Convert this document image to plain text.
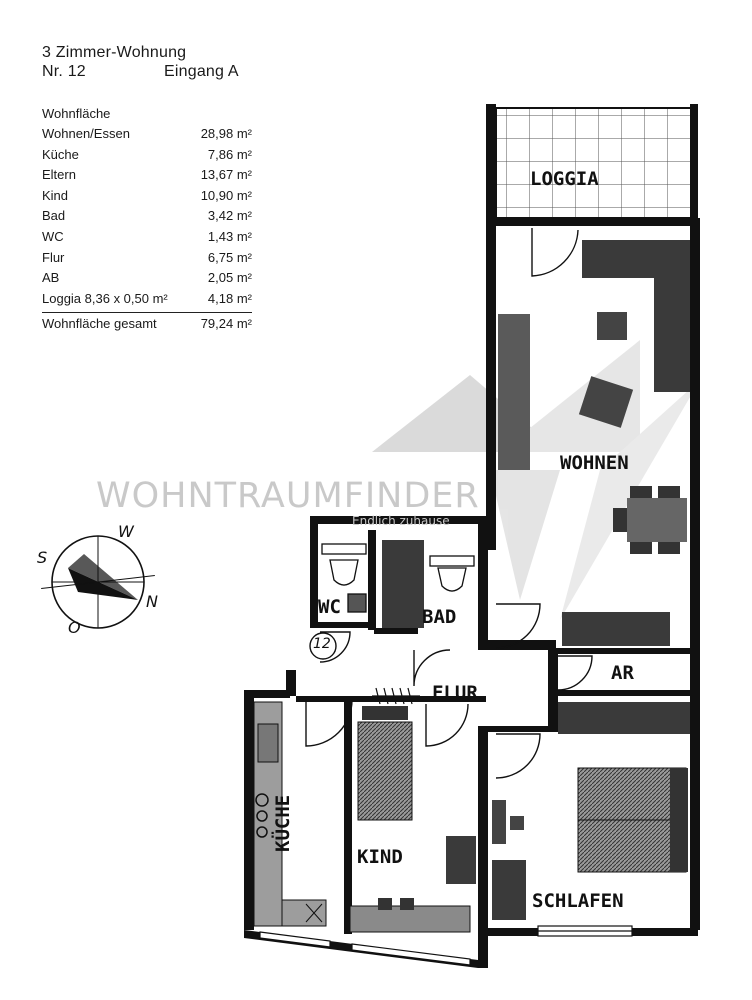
3 Zimmer-Wohnung
Nr. 12	Eingang A
Wohnfläche
Wohnen/Essen	28,98 m²
Küche	7,86 m²
Eltern	13,67 m²
Kind	10,90 m²
Bad	3,42 m²
WC	1,43 m²
Flur	6,75 m²
AB	2,05 m²
Loggia 8,36 x 0,50 m²	4,18 m²
Wohnfläche gesamt	79,24 m²
S
W
N
O
WOHNTRAUMFINDER
Endlich zuhause
LOGGIA
WOHNEN
WC	BAD
AR
FLUR
KÜCHE
KIND
SCHLAFEN
12
